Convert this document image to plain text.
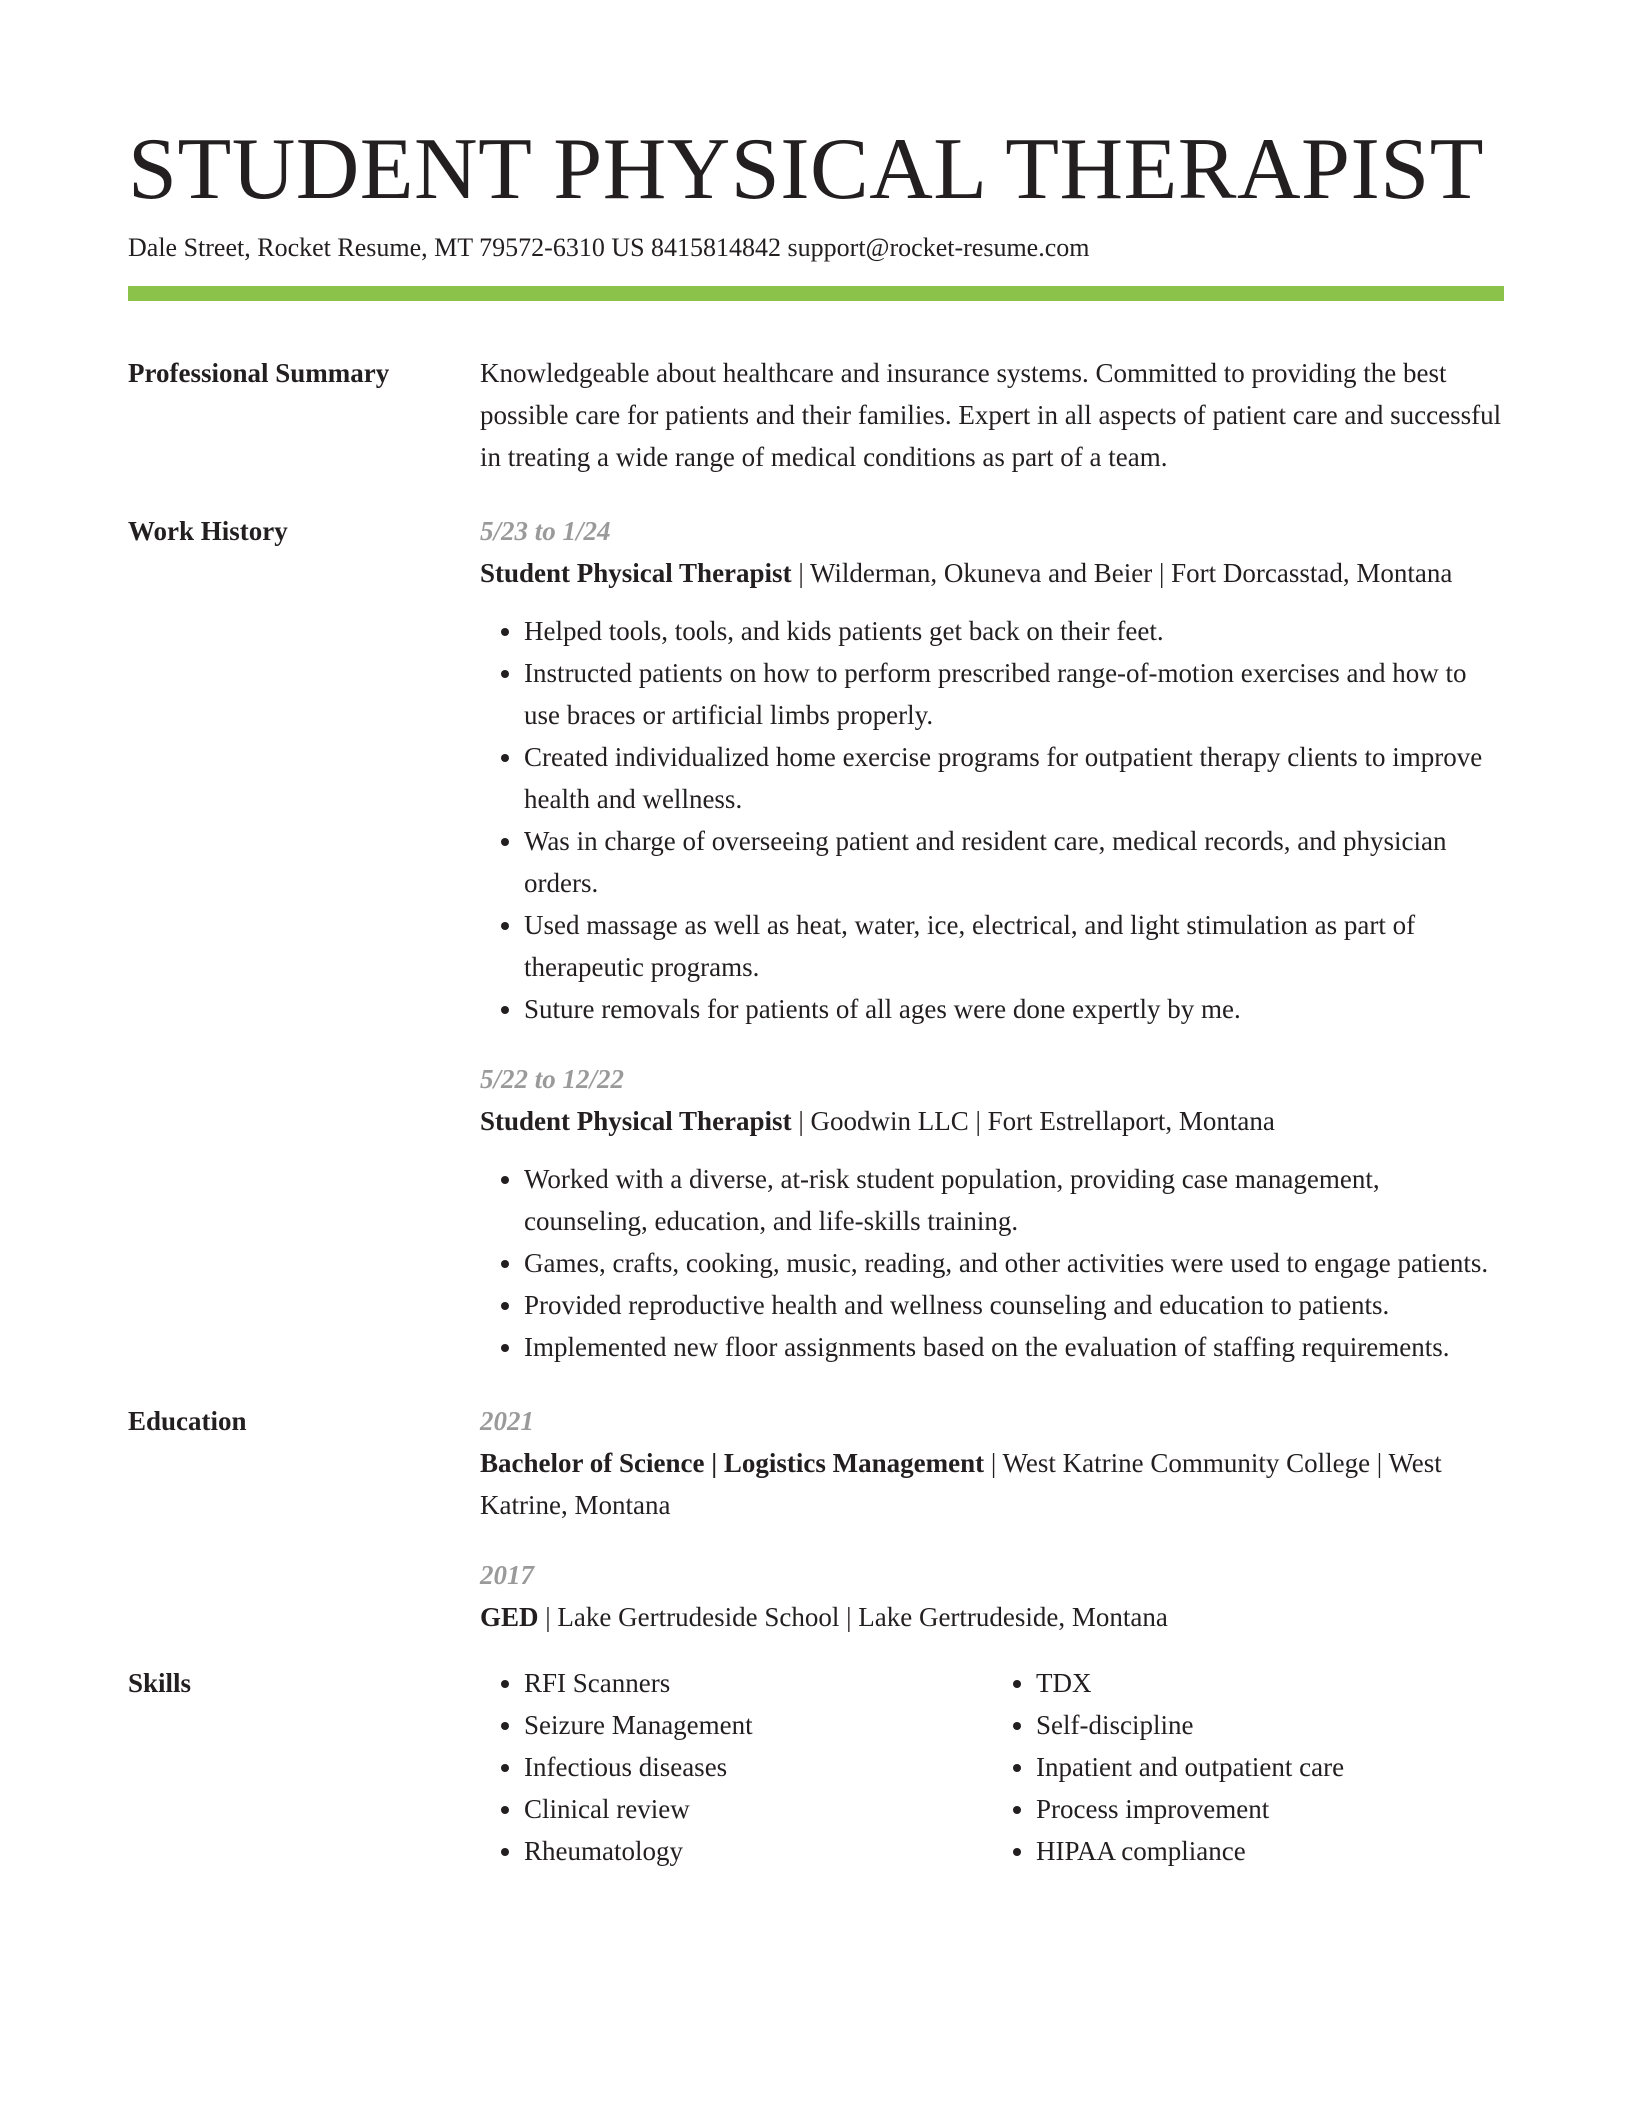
STUDENT PHYSICAL THERAPIST
Dale Street, Rocket Resume, MT 79572-6310 US 8415814842 support@rocket-resume.com
Professional Summary	Knowledgeable about healthcare and insurance systems. Committed to providing the best possible care for patients and their families. Expert in all aspects of patient care and successful in treating a wide range of medical conditions as part of a team.

Work History	5/23 to 1/24
Student Physical Therapist | Wilderman, Okuneva and Beier | Fort Dorcasstad, Montana
• Helped tools, tools, and kids patients get back on their feet.
• Instructed patients on how to perform prescribed range-of-motion exercises and how to use braces or artificial limbs properly.
• Created individualized home exercise programs for outpatient therapy clients to improve health and wellness.
• Was in charge of overseeing patient and resident care, medical records, and physician orders.
• Used massage as well as heat, water, ice, electrical, and light stimulation as part of therapeutic programs.
• Suture removals for patients of all ages were done expertly by me.
5/22 to 12/22
Student Physical Therapist | Goodwin LLC | Fort Estrellaport, Montana
• Worked with a diverse, at-risk student population, providing case management, counseling, education, and life-skills training.
• Games, crafts, cooking, music, reading, and other activities were used to engage patients.
• Provided reproductive health and wellness counseling and education to patients.
• Implemented new floor assignments based on the evaluation of staffing requirements.
Education	2021
Bachelor of Science | Logistics Management | West Katrine Community College | West Katrine, Montana
2017
GED | Lake Gertrudeside School | Lake Gertrudeside, Montana
Skills
•	RFI Scanners
• Seizure Management
• Infectious diseases
• Clinical review
• Rheumatology
• TDX
• Self-discipline
• Inpatient and outpatient care
• Process improvement
• HIPAA compliance
